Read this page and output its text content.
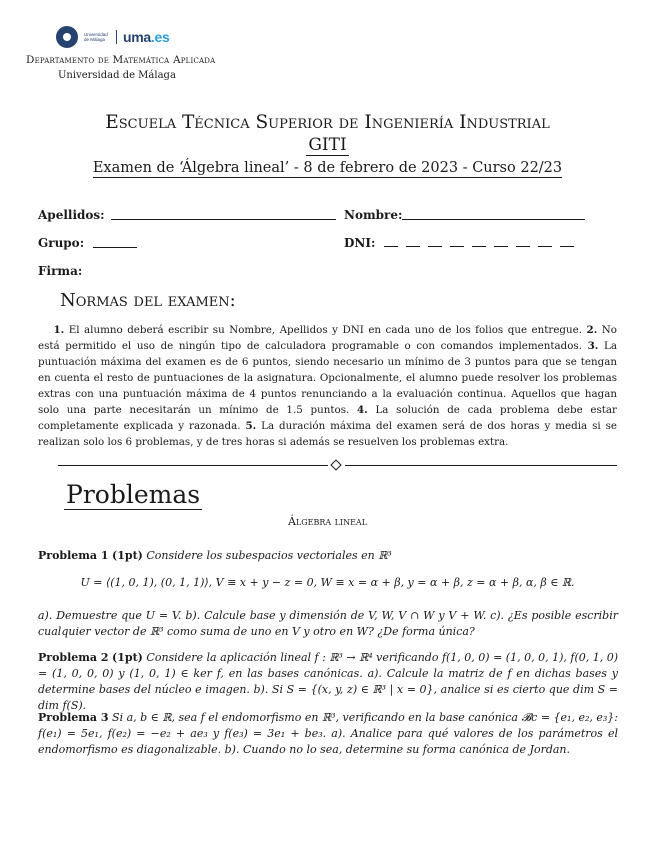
Universidad de Málaga	uma.es
Departamento de Matemática Aplicada
Universidad de Málaga
Escuela Técnica Superior de Ingeniería Industrial
GITI
Examen de ‘Álgebra lineal’ - 8 de febrero de 2023 - Curso 22/23
Apellidos:	Nombre:
Grupo:	DNI:
Firma:
Normas del examen:
  1. El alumno deberá escribir su Nombre, Apellidos y DNI en cada uno de los folios que entregue. 2. No está permitido el uso de ningún tipo de calculadora programable o con comandos implementados. 3. La puntuación máxima del examen es de 6 puntos, siendo necesario un mínimo de 3 puntos para que se tengan en cuenta el resto de puntuaciones de la asignatura. Opcionalmente, el alumno puede resolver los problemas extras con una puntuación máxima de 4 puntos renunciando a la evaluación continua. Aquellos que hagan solo una parte necesitarán un mínimo de 1.5 puntos. 4. La solución de cada problema debe estar completamente explicada y razonada. 5. La duración máxima del examen será de dos horas y media si se realizan solo los 6 problemas, y de tres horas si además se resuelven los problemas extra.
Problemas
Álgebra lineal
Problema 1 (1pt) Considere los subespacios vectoriales en ℝ³
U = ⟨(1, 0, 1), (0, 1, 1)⟩, V ≡ x + y − z = 0, W ≡ x = α + β, y = α + β, z = α + β, α, β ∈ ℝ.
a). Demuestre que U = V. b). Calcule base y dimensión de V, W, V ∩ W y V + W. c). ¿Es posible escribir cualquier vector de ℝ³ como suma de uno en V y otro en W? ¿De forma única?
Problema 2 (1pt) Considere la aplicación lineal f : ℝ³ → ℝ⁴ verificando f(1, 0, 0) = (1, 0, 0, 1), f(0, 1, 0) = (1, 0, 0, 0) y (1, 0, 1) ∈ ker f, en las bases canónicas. a). Calcule la matriz de f en dichas bases y determine bases del núcleo e imagen. b). Si S = {(x, y, z) ∈ ℝ³ | x = 0}, analice si es cierto que dim S = dim f(S).
Problema 3 Si a, b ∈ ℝ, sea f el endomorfismo en ℝ³, verificando en la base canónica 𝓑c = {e₁, e₂, e₃}: f(e₁) = 5e₁, f(e₂) = −e₂ + ae₃ y f(e₃) = 3e₁ + be₃. a). Analice para qué valores de los parámetros el endomorfismo es diagonalizable. b). Cuando no lo sea, determine su forma canónica de Jordan.
